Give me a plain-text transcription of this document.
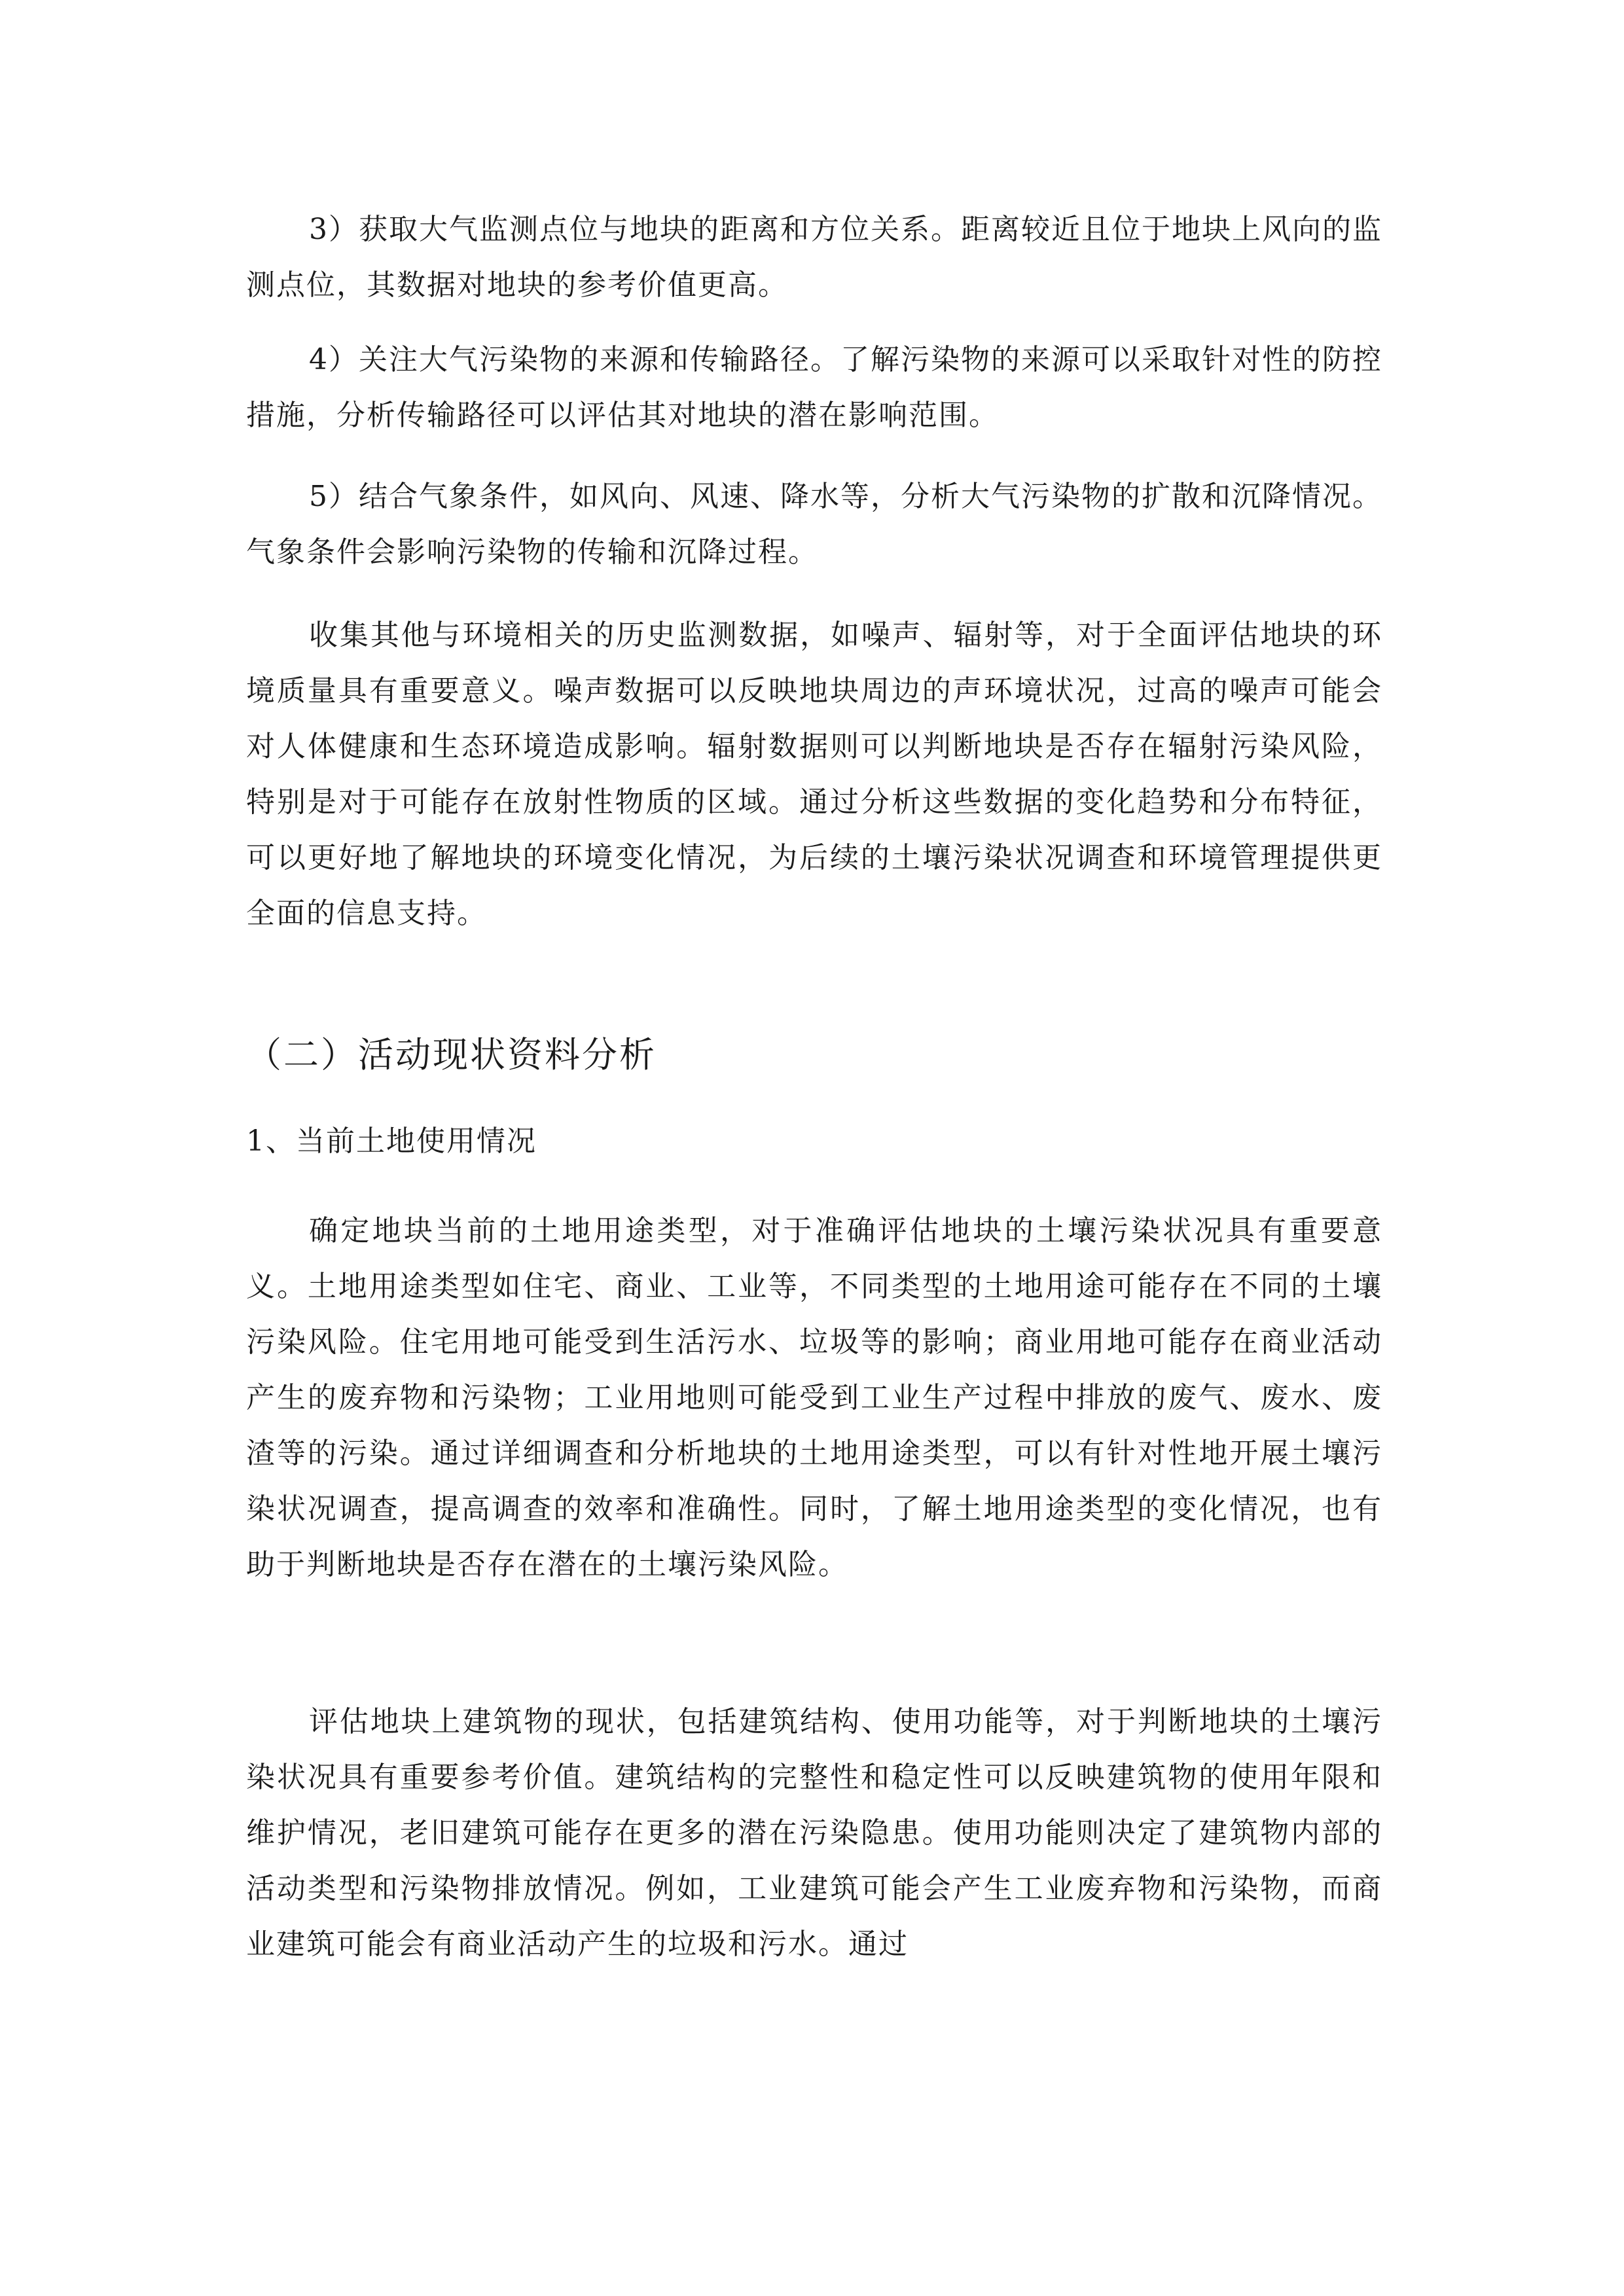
3）获取大气监测点位与地块的距离和方位关系。距离较近且位于地块上风向的监测点位，其数据对地块的参考价值更高。

4）关注大气污染物的来源和传输路径。了解污染物的来源可以采取针对性的防控措施，分析传输路径可以评估其对地块的潜在影响范围。

5）结合气象条件，如风向、风速、降水等，分析大气污染物的扩散和沉降情况。气象条件会影响污染物的传输和沉降过程。

收集其他与环境相关的历史监测数据，如噪声、辐射等，对于全面评估地块的环境质量具有重要意义。噪声数据可以反映地块周边的声环境状况，过高的噪声可能会对人体健康和生态环境造成影响。辐射数据则可以判断地块是否存在辐射污染风险，特别是对于可能存在放射性物质的区域。通过分析这些数据的变化趋势和分布特征，可以更好地了解地块的环境变化情况，为后续的土壤污染状况调查和环境管理提供更全面的信息支持。

（二）活动现状资料分析
1、当前土地使用情况

确定地块当前的土地用途类型，对于准确评估地块的土壤污染状况具有重要意义。土地用途类型如住宅、商业、工业等，不同类型的土地用途可能存在不同的土壤污染风险。住宅用地可能受到生活污水、垃圾等的影响；商业用地可能存在商业活动产生的废弃物和污染物；工业用地则可能受到工业生产过程中排放的废气、废水、废渣等的污染。通过详细调查和分析地块的土地用途类型，可以有针对性地开展土壤污染状况调查，提高调查的效率和准确性。同时，了解土地用途类型的变化情况，也有助于判断地块是否存在潜在的土壤污染风险。

评估地块上建筑物的现状，包括建筑结构、使用功能等，对于判断地块的土壤污染状况具有重要参考价值。建筑结构的完整性和稳定性可以反映建筑物的使用年限和维护情况，老旧建筑可能存在更多的潜在污染隐患。使用功能则决定了建筑物内部的活动类型和污染物排放情况。例如，工业建筑可能会产生工业废弃物和污染物，而商业建筑可能会有商业活动产生的垃圾和污水。通过
